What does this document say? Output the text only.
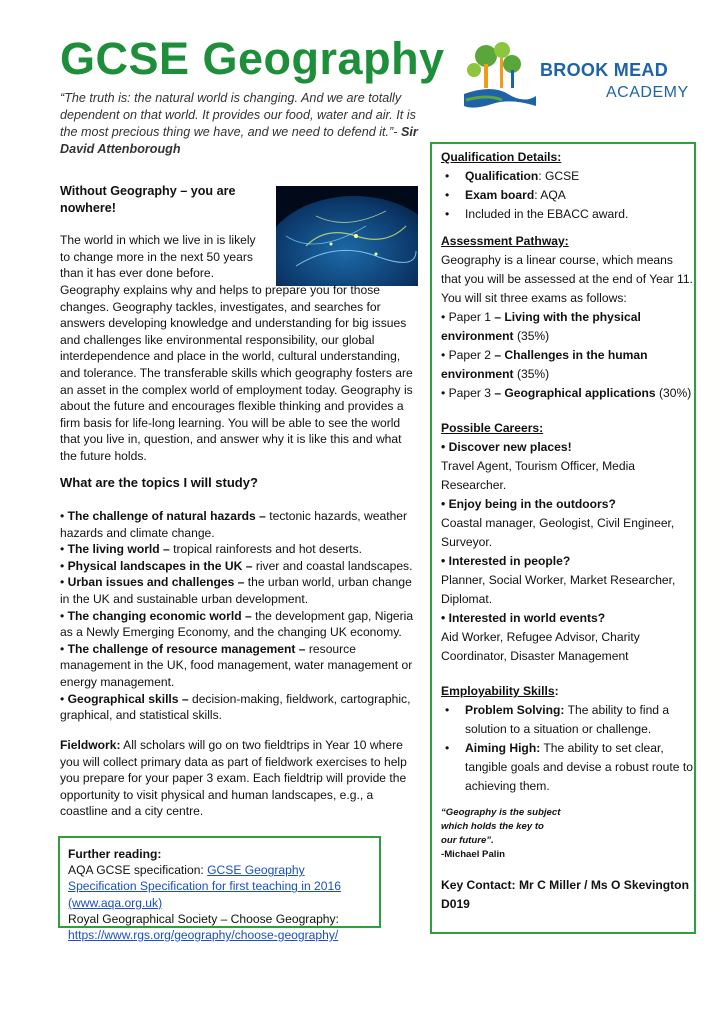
GCSE Geography
“The truth is: the natural world is changing. And we are totally dependent on that world. It provides our food, water and air. It is the most precious thing we have, and we need to defend it.”- Sir David Attenborough
BROOK MEAD
ACADEMY
Without Geography – you are nowhere!
The world in which we live in is likely to change more in the next 50 years than it has ever done before.
Geography explains why and helps to prepare you for those changes. Geography tackles, investigates, and searches for answers developing knowledge and understanding for big issues and challenges like environmental responsibility, our global interdependence and place in the world, cultural understanding, and tolerance. The transferable skills which geography fosters are an asset in the complex world of employment today. Geography is about the future and encourages flexible thinking and provides a firm basis for life-long learning. You will be able to see the world that you live in, question, and answer why it is like this and what the future holds.
What are the topics I will study?
• The challenge of natural hazards – tectonic hazards, weather hazards and climate change.
• The living world – tropical rainforests and hot deserts.
• Physical landscapes in the UK – river and coastal landscapes.
• Urban issues and challenges – the urban world, urban change in the UK and sustainable urban development.
• The changing economic world – the development gap, Nigeria as a Newly Emerging Economy, and the changing UK economy.
• The challenge of resource management – resource management in the UK, food management, water management or energy management.
• Geographical skills – decision-making, fieldwork, cartographic, graphical, and statistical skills.
Fieldwork: All scholars will go on two fieldtrips in Year 10 where you will collect primary data as part of fieldwork exercises to help you prepare for your paper 3 exam. Each fieldtrip will provide the opportunity to visit physical and human landscapes, e.g., a coastline and a city centre.
Further reading:
AQA GCSE specification: GCSE Geography Specification Specification for first teaching in 2016 (www.aqa.org.uk)
Royal Geographical Society – Choose Geography:
https://www.rgs.org/geography/choose-geography/
Qualification Details:
• Qualification: GCSE
• Exam board: AQA
• Included in the EBACC award.
Assessment Pathway:
Geography is a linear course, which means that you will be assessed at the end of Year 11. You will sit three exams as follows:
• Paper 1 – Living with the physical environment (35%)
• Paper 2 – Challenges in the human environment (35%)
• Paper 3 – Geographical applications (30%)
Possible Careers:
• Discover new places!
Travel Agent, Tourism Officer, Media Researcher.
• Enjoy being in the outdoors?
Coastal manager, Geologist, Civil Engineer, Surveyor.
• Interested in people?
Planner, Social Worker, Market Researcher, Diplomat.
• Interested in world events?
Aid Worker, Refugee Advisor, Charity Coordinator, Disaster Management
Employability Skills:
• Problem Solving: The ability to find a solution to a situation or challenge.
• Aiming High: The ability to set clear, tangible goals and devise a robust route to achieving them.
“Geography is the subject which holds the key to our future”.
-Michael Palin
Key Contact: Mr C Miller / Ms O Skevington D019
